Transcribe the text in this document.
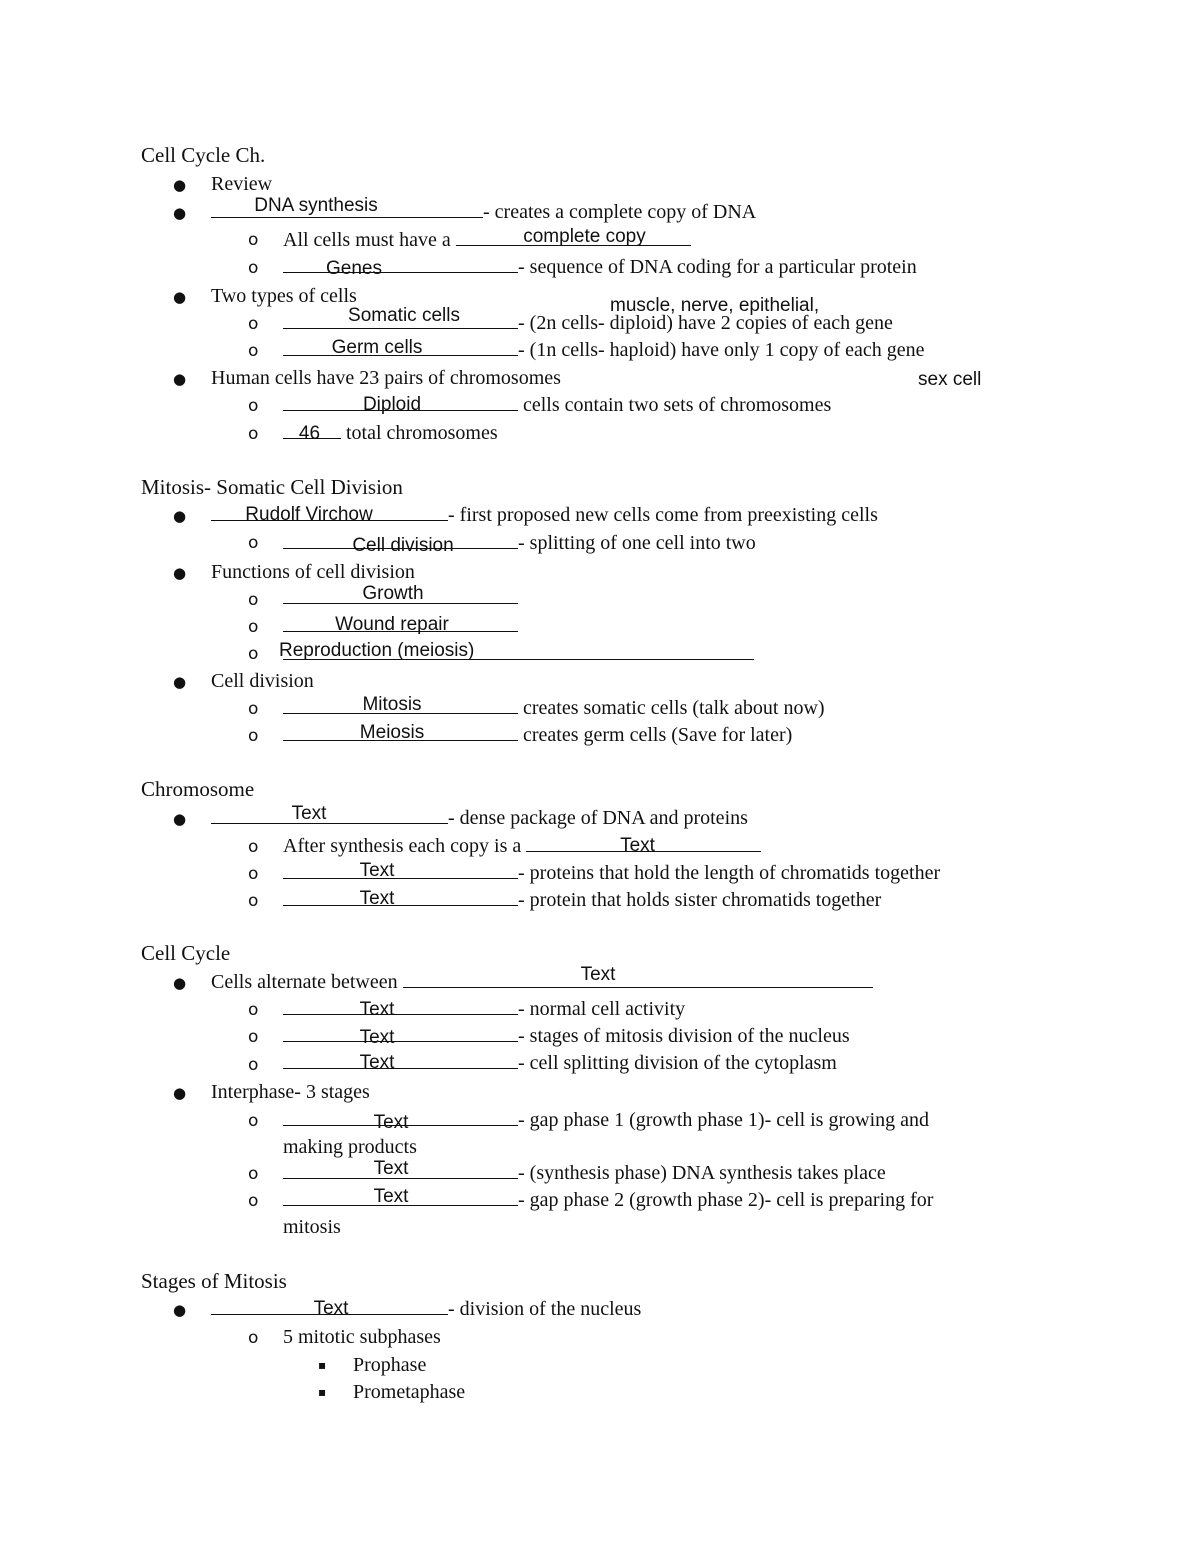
Cell Cycle Ch.
● Review
●	- creates a complete copy of DNA
DNA synthesis
o All cells must have a	complete copy
o	- sequence of DNA coding for a particular protein
Genes
● Two types of cells	muscle, nerve, epithelial,
o	- (2n cells- diploid) have 2 copies of each gene
Somatic cells
o	- (1n cells- haploid) have only 1 copy of each gene
Germ cells
● Human cells have 23 pairs of chromosomes	sex cell
o	cells contain two sets of chromosomes
Diploid
o	total chromosomes
46
Mitosis- Somatic Cell Division
●	- first proposed new cells come from preexisting cells
Rudolf Virchow
o	- splitting of one cell into two
Cell division
● Functions of cell division
o	Growth
o	Wound repair
o Reproduction (meiosis)
● Cell division
o	creates somatic cells (talk about now)
Mitosis
o	creates germ cells (Save for later)
Meiosis
Chromosome
●	- dense package of DNA and proteins
Text
o After synthesis each copy is a	Text
o	- proteins that hold the length of chromatids together
Text
o	- protein that holds sister chromatids together
Text
Cell Cycle
● Cells alternate between	Text
o	- normal cell activity
Text
o	- stages of mitosis division of the nucleus
Text
o	- cell splitting division of the cytoplasm
Text
● Interphase- 3 stages
o	- gap phase 1 (growth phase 1)- cell is growing and
Text
making products
o	- (synthesis phase) DNA synthesis takes place
Text
o	- gap phase 2 (growth phase 2)- cell is preparing for
Text
mitosis
Stages of Mitosis
●	- division of the nucleus
Text
o 5 mitotic subphases
▪ Prophase
▪ Prometaphase
